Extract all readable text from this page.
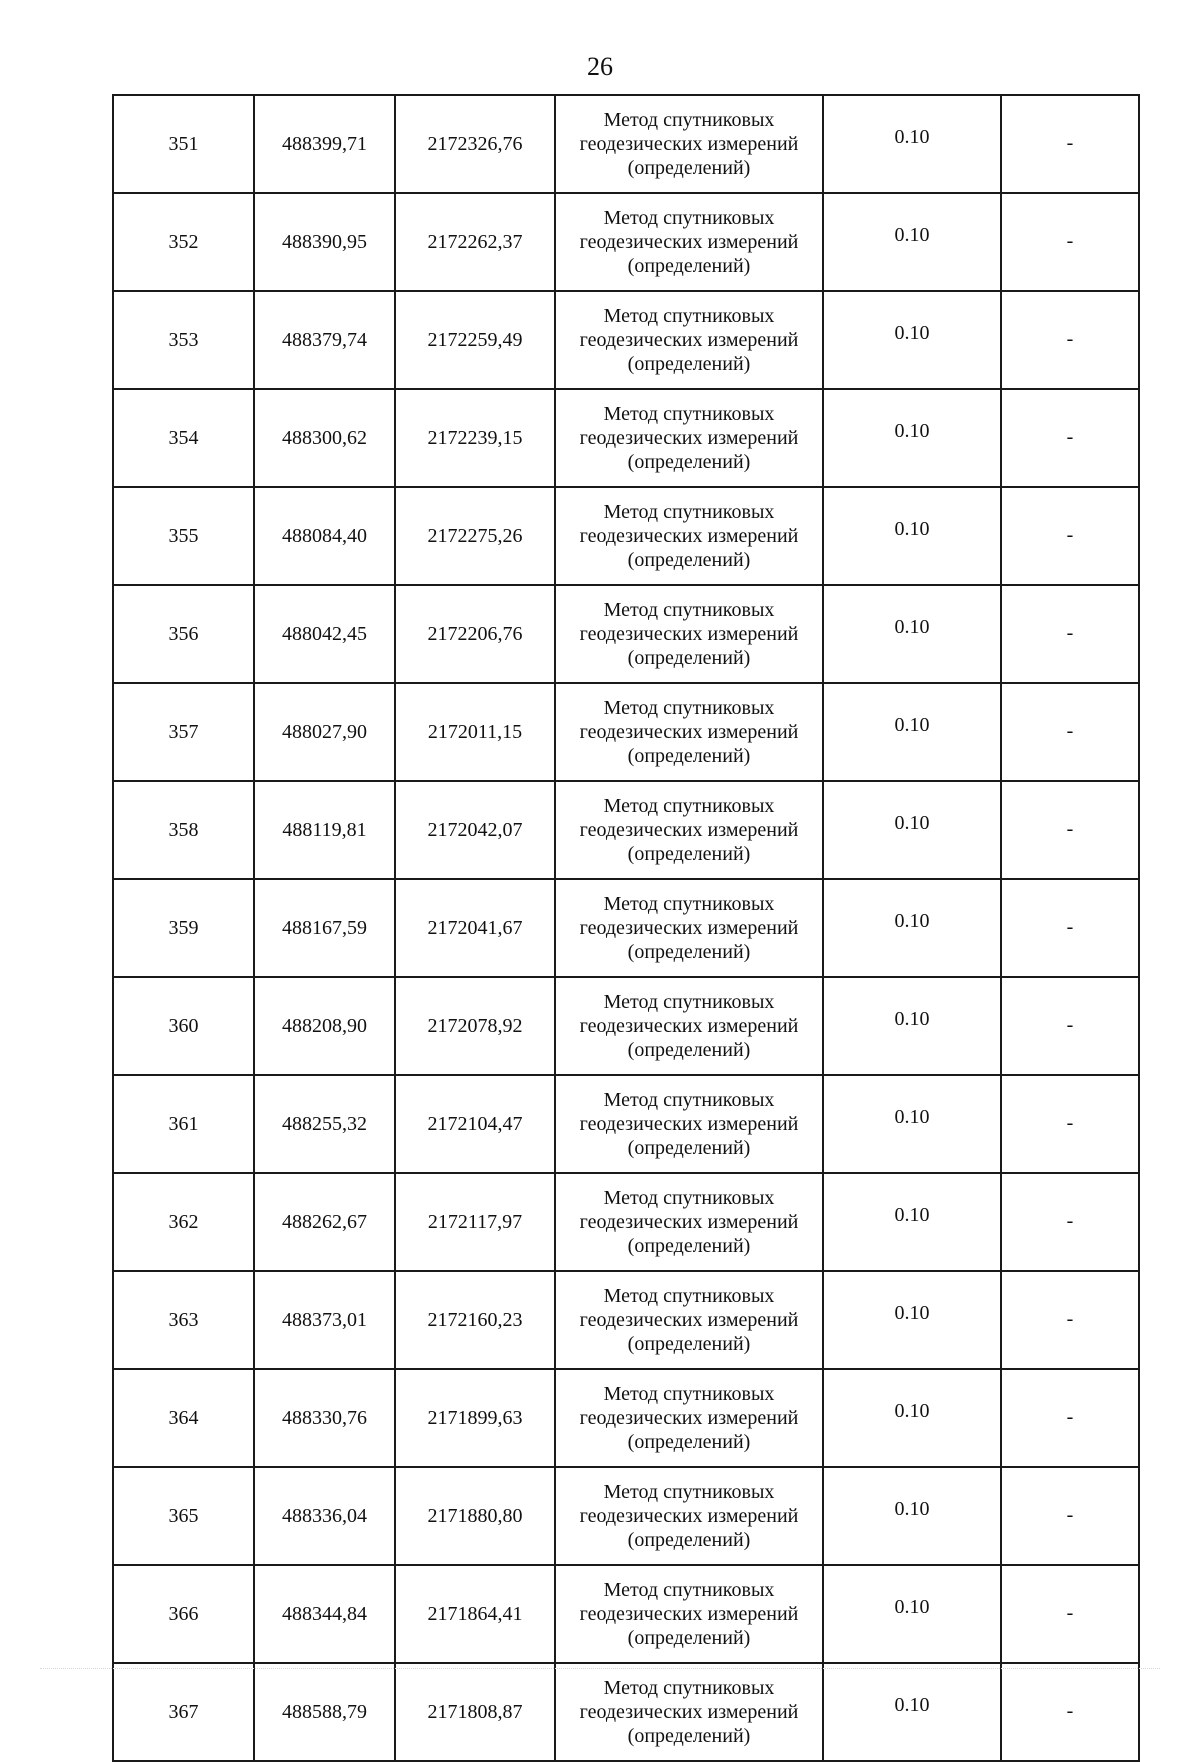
26
351	488399,71	2172326,76	Метод спутниковых
геодезических измерений
(определений)	0.10	-
352	488390,95	2172262,37	Метод спутниковых
геодезических измерений
(определений)	0.10	-
353	488379,74	2172259,49	Метод спутниковых
геодезических измерений
(определений)	0.10	-
354	488300,62	2172239,15	Метод спутниковых
геодезических измерений
(определений)	0.10	-
355	488084,40	2172275,26	Метод спутниковых
геодезических измерений
(определений)	0.10	-
356	488042,45	2172206,76	Метод спутниковых
геодезических измерений
(определений)	0.10	-
357	488027,90	2172011,15	Метод спутниковых
геодезических измерений
(определений)	0.10	-
358	488119,81	2172042,07	Метод спутниковых
геодезических измерений
(определений)	0.10	-
359	488167,59	2172041,67	Метод спутниковых
геодезических измерений
(определений)	0.10	-
360	488208,90	2172078,92	Метод спутниковых
геодезических измерений
(определений)	0.10	-
361	488255,32	2172104,47	Метод спутниковых
геодезических измерений
(определений)	0.10	-
362	488262,67	2172117,97	Метод спутниковых
геодезических измерений
(определений)	0.10	-
363	488373,01	2172160,23	Метод спутниковых
геодезических измерений
(определений)	0.10	-
364	488330,76	2171899,63	Метод спутниковых
геодезических измерений
(определений)	0.10	-
365	488336,04	2171880,80	Метод спутниковых
геодезических измерений
(определений)	0.10	-
366	488344,84	2171864,41	Метод спутниковых
геодезических измерений
(определений)	0.10	-
367	488588,79	2171808,87	Метод спутниковых
геодезических измерений
(определений)	0.10	-
